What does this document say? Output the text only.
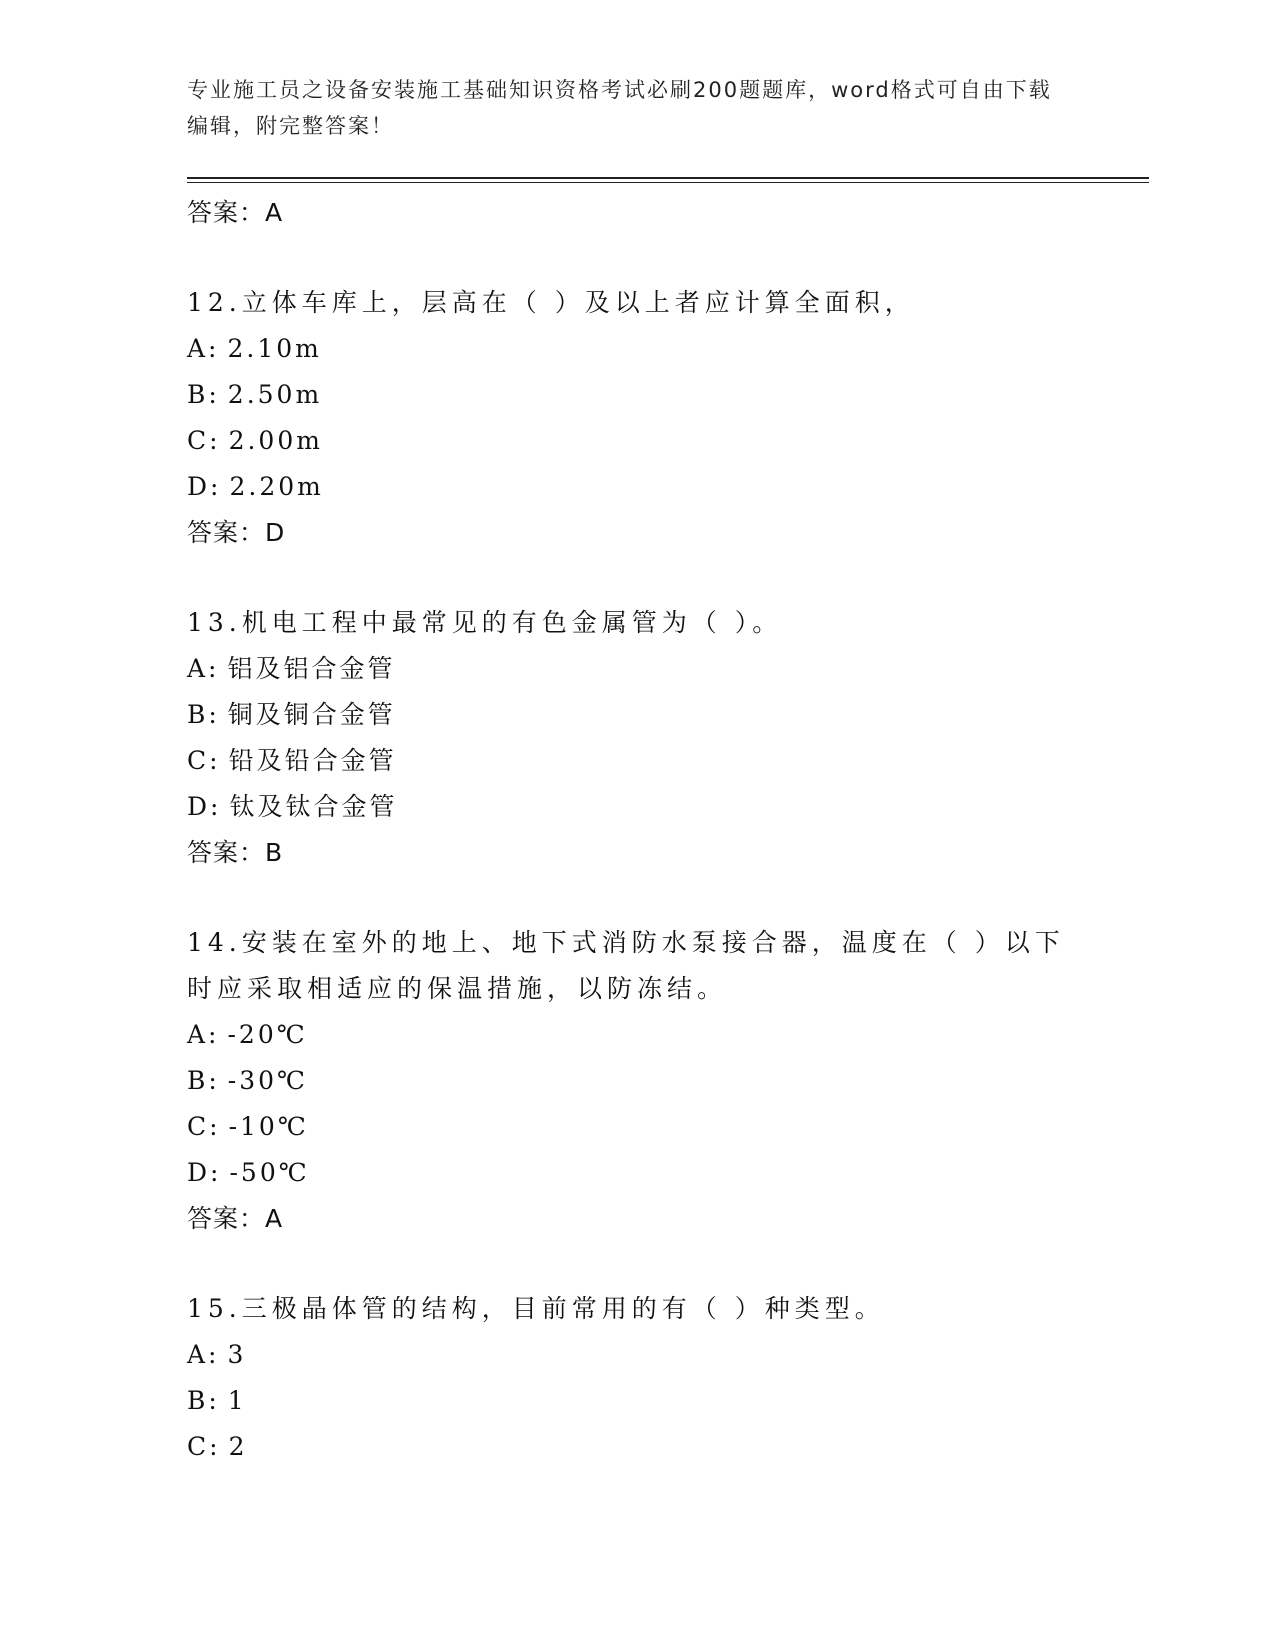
专业施工员之设备安装施工基础知识资格考试必刷200题题库，word格式可自由下载编辑，附完整答案！
答案：A
12.立体车库上，层高在（ ）及以上者应计算全面积，
A: 2.10m
B: 2.50m
C: 2.00m
D: 2.20m
答案：D
13.机电工程中最常见的有色金属管为（ ）。
A: 铝及铝合金管
B: 铜及铜合金管
C: 铅及铅合金管
D: 钛及钛合金管
答案：B
14.安装在室外的地上、地下式消防水泵接合器，温度在（ ）以下时应采取相适应的保温措施，以防冻结。
A: -20℃
B: -30℃
C: -10℃
D: -50℃
答案：A
15.三极晶体管的结构，目前常用的有（ ）种类型。
A: 3
B: 1
C: 2
